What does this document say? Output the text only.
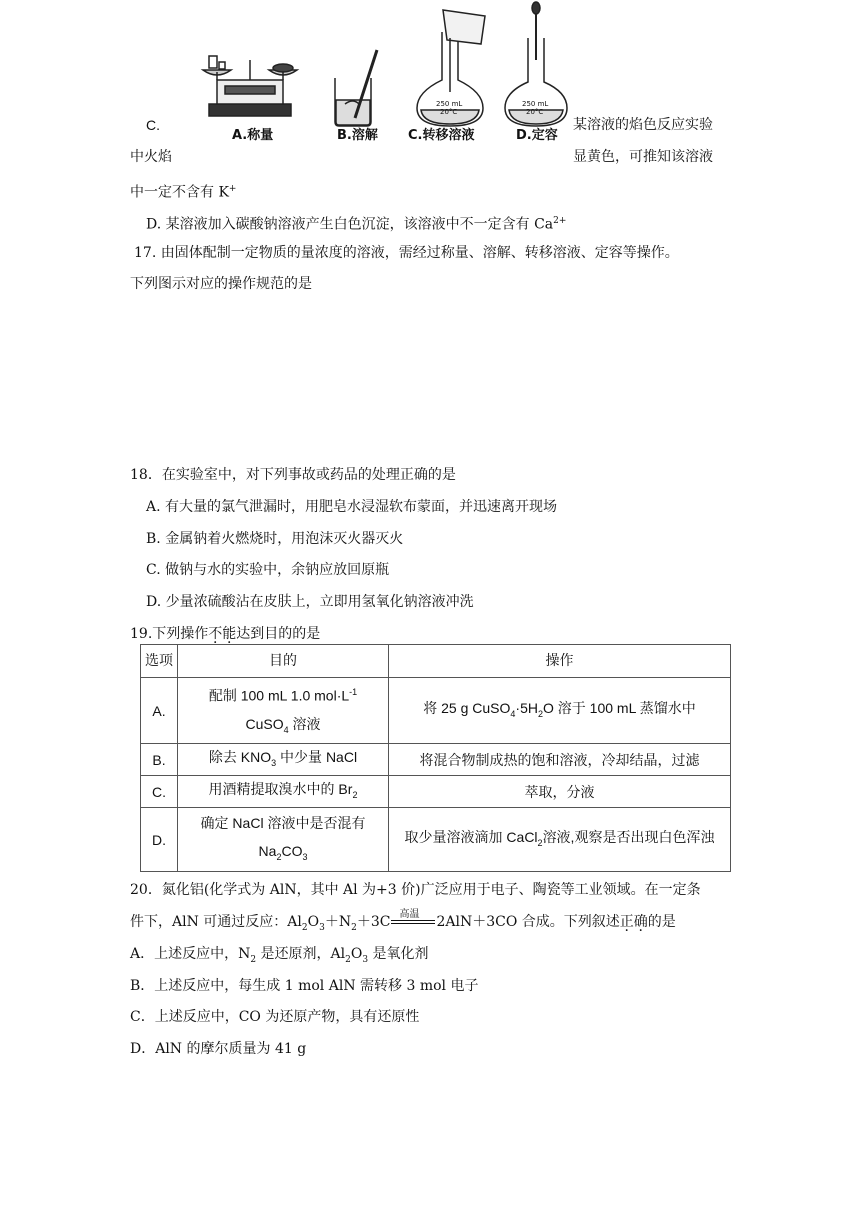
250 mL
20°C
250 mL
20°C
A.称量	B.溶解 C.转移溶液	D.定容
C.	某溶液的焰色反应实验
中火焰	显黄色，可推知该溶液
中一定不含有 K+
D. 某溶液加入碳酸钠溶液产生白色沉淀，该溶液中不一定含有 $Ca^{2+}$
17. 由固体配制一定物质的量浓度的溶液，需经过称量、溶解、转移溶液、定容等操作。
下列图示对应的操作规范的是
18．在实验室中，对下列事故或药品的处理正确的是
A. 有大量的氯气泄漏时，用肥皂水浸湿软布蒙面，并迅速离开现场
B. 金属钠着火燃烧时，用泡沫灭火器灭火
C. 做钠与水的实验中，余钠应放回原瓶
D. 少量浓硫酸沾在皮肤上，立即用氢氧化钠溶液冲洗
19.下列操作不能达到目的的是
选项	目的	操作
A.	配制 100 mL 1.0 $mol\cdot L^{-1}$
CuSO$_4$ 溶液	将 25 g $CuSO_4\cdot 5H_2O$ 溶于 100 mL 蒸馏水中
B.	除去 $KNO_3$ 中少量 NaCl	将混合物制成热的饱和溶液，冷却结晶，过滤
C.	用酒精提取溴水中的 $Br_2$	萃取，分液
D.	确定 NaCl 溶液中是否混有
$Na_2CO_3$	取少量溶液滴加 CaCl$_2$溶液,观察是否出现白色浑浊
20．氮化铝(化学式为 AlN，其中 Al 为+3 价)广泛应用于电子、陶瓷等工业领域。在一定条
件下，AlN 可通过反应：$Al_2O_3+N_2+3C$ 高温 2AlN＋3CO 合成。下列叙述正确的是
A．上述反应中，$N_2$ 是还原剂，$Al_2O_3$ 是氧化剂
B．上述反应中，每生成 1 mol AlN 需转移 3 mol 电子
C．上述反应中，CO 为还原产物，具有还原性
D．AlN 的摩尔质量为 41 g
